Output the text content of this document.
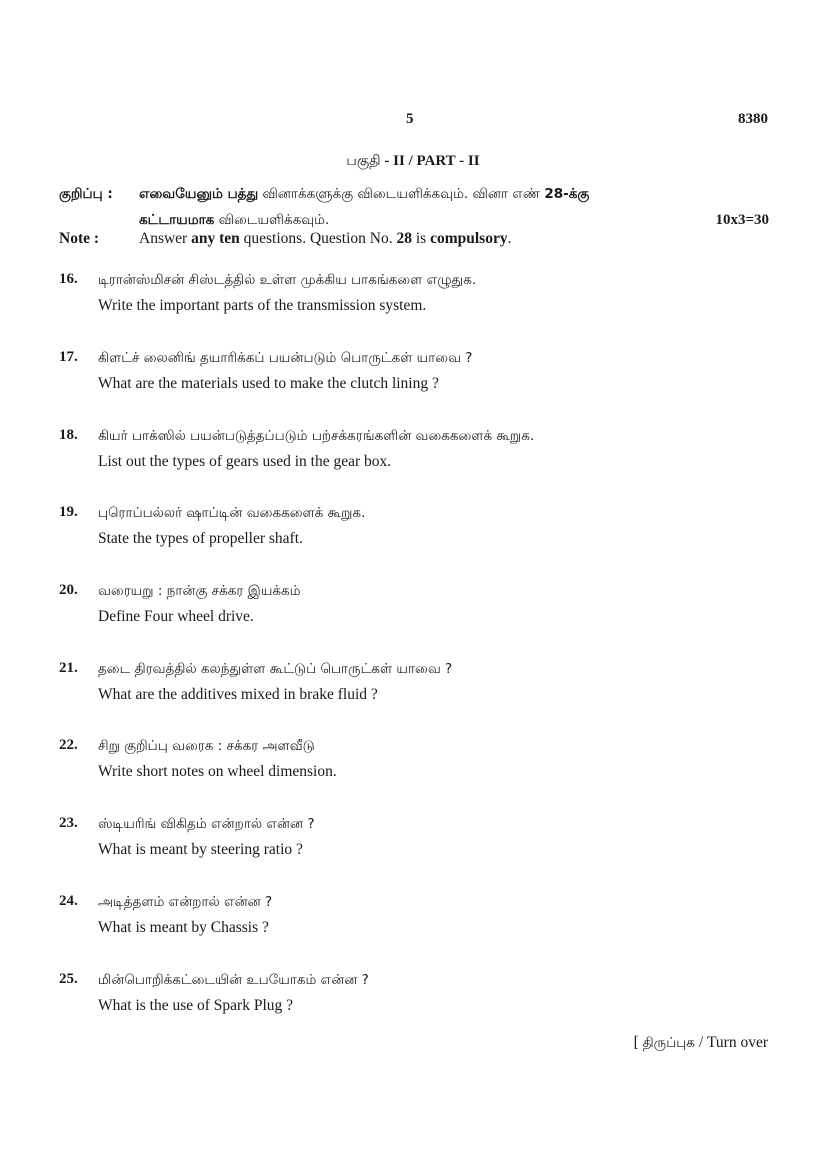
5	8380
பகுதி - II / PART - II
குறிப்பு : எவையேனும் பத்து வினாக்களுக்கு விடையளிக்கவும். வினா எண் 28-க்கு
கட்டாயமாக விடையளிக்கவும்.	10x3=30
Note :	Answer any ten questions. Question No. 28 is compulsory.
16. டிரான்ஸ்மிசன் சிஸ்டத்தில் உள்ள முக்கிய பாகங்களை எழுதுக.
Write the important parts of the transmission system.
17. கிளட்ச் லைனிங் தயாரிக்கப் பயன்படும் பொருட்கள் யாவை ?
What are the materials used to make the clutch lining ?
18. கியர் பாக்ஸில் பயன்படுத்தப்படும் பற்சக்கரங்களின் வகைகளைக் கூறுக.
List out the types of gears used in the gear box.
19. புரொப்பல்லர் ஷாப்டின் வகைகளைக் கூறுக.
State the types of propeller shaft.
20. வரையறு : நான்கு சக்கர இயக்கம்
Define Four wheel drive.
21. தடை திரவத்தில் கலந்துள்ள கூட்டுப் பொருட்கள் யாவை ?
What are the additives mixed in brake fluid ?
22. சிறு குறிப்பு வரைக : சக்கர அளவீடு
Write short notes on wheel dimension.
23. ஸ்டியரிங் விகிதம் என்றால் என்ன ?
What is meant by steering ratio ?
24. அடித்தளம் என்றால் என்ன ?
What is meant by Chassis ?
25. மின்பொறிக்கட்டையின் உபயோகம் என்ன ?
What is the use of Spark Plug ?
[ திருப்புக / Turn over
